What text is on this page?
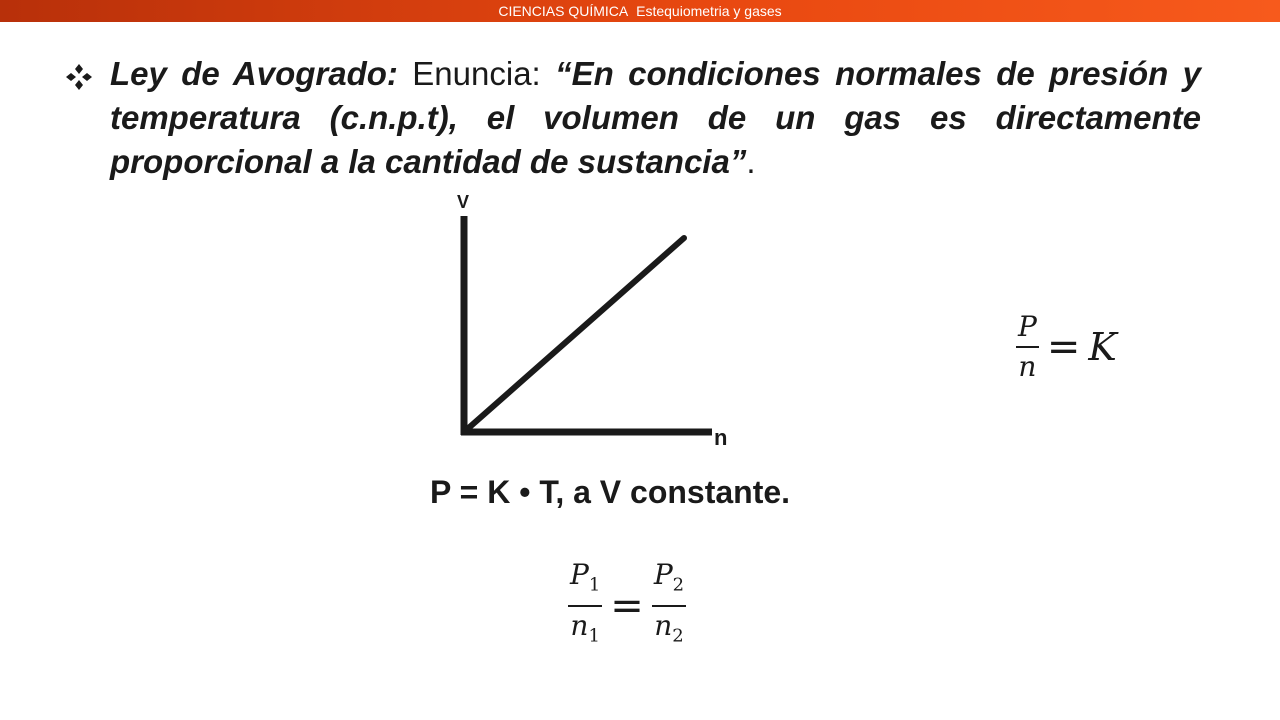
CIENCIAS QUÍMICA Estequiometria y gases
Ley de Avogrado: Enuncia: “En condiciones normales de presión y temperatura (c.n.p.t), el volumen de un gas es directamente proporcional a la cantidad de sustancia”.
V
n
$\frac{P}{n} = K$
P = K • T, a V constante.
$\frac{P_1}{n_1} = \frac{P_2}{n_2}$
